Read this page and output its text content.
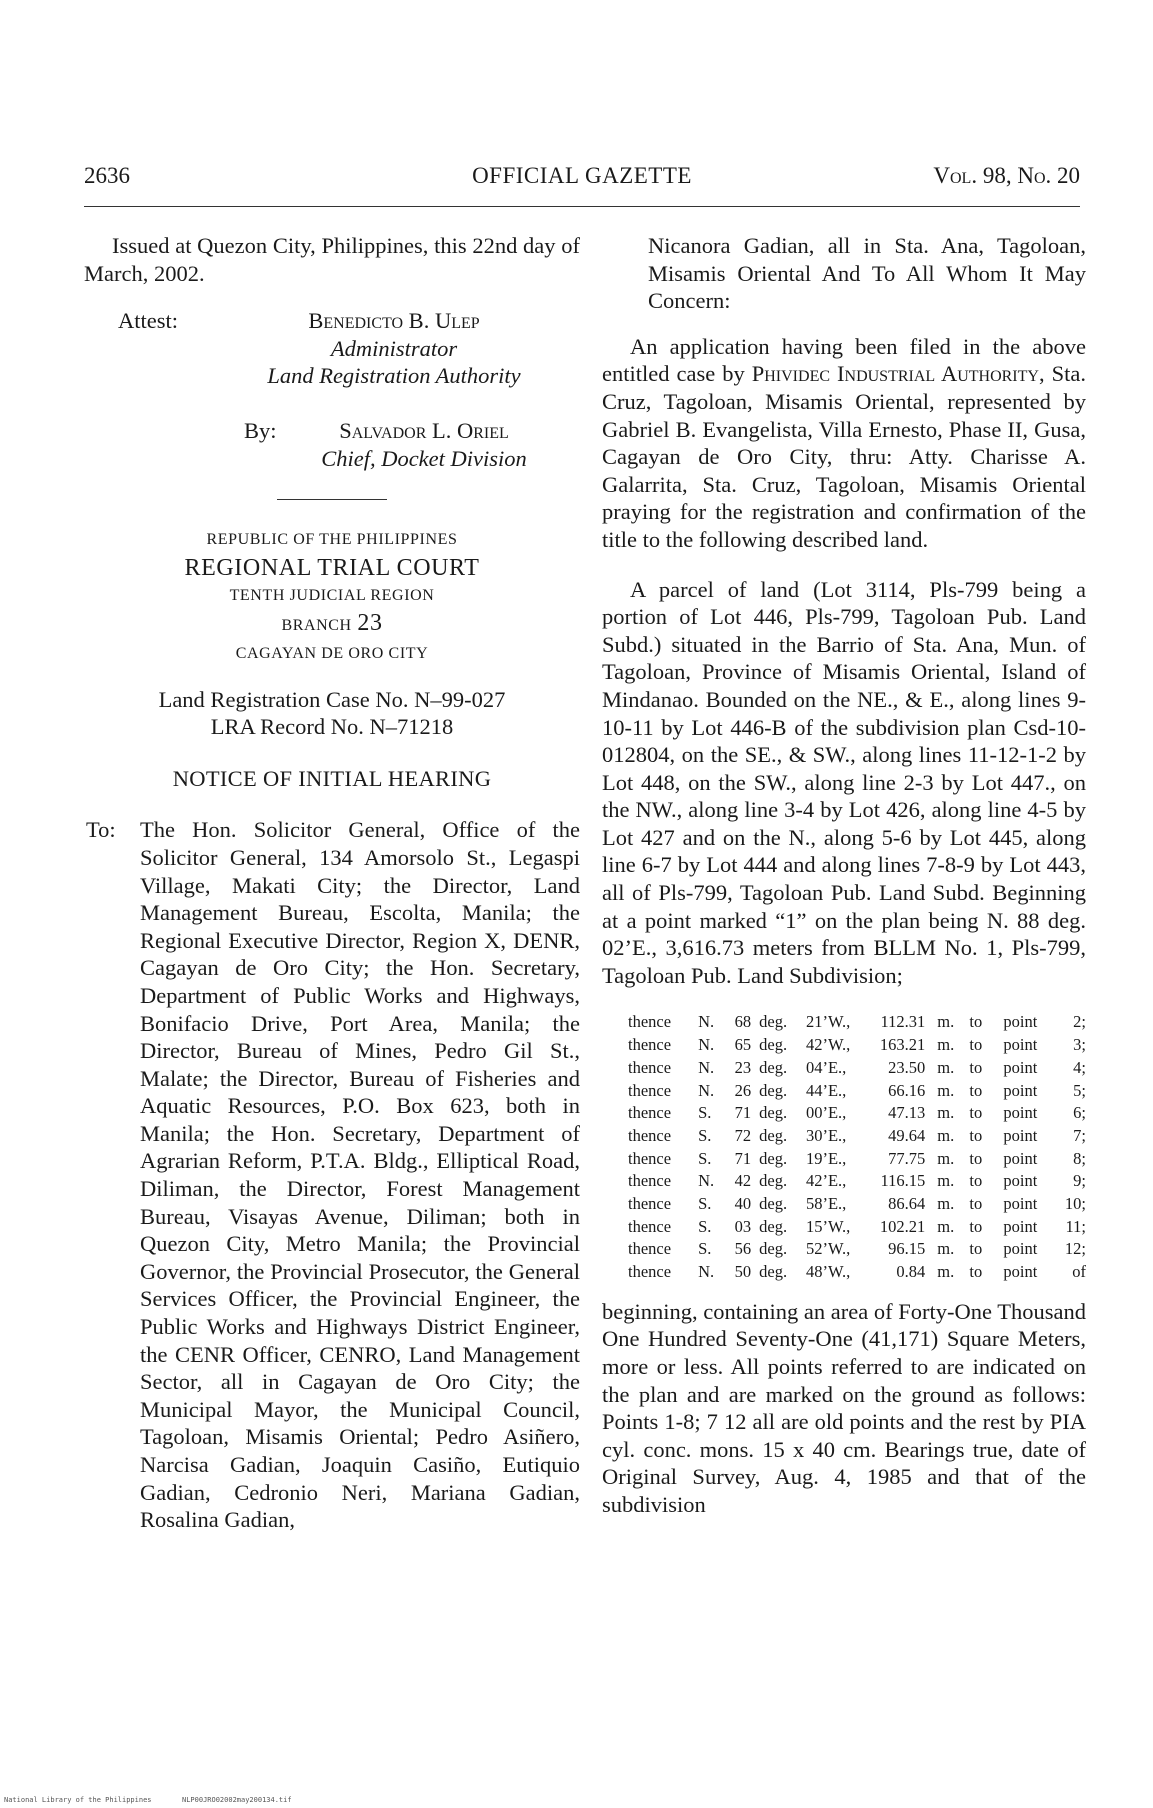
2636	OFFICIAL GAZETTE	Vol. 98, No. 20

Issued at Quezon City, Philippines, this 22nd day of March, 2002.

Attest:	Benedicto B. Ulep
Administrator
Land Registration Authority
By:	Salvador L. Oriel
Chief, Docket Division
REPUBLIC OF THE PHILIPPINES
REGIONAL TRIAL COURT
TENTH JUDICIAL REGION
BRANCH 23
CAGAYAN DE ORO CITY
Land Registration Case No. N–99-027
LRA Record No. N–71218
NOTICE OF INITIAL HEARING
To: The Hon. Solicitor General, Office of the Solicitor General, 134 Amorsolo St., Legaspi Village, Makati City; the Director, Land Management Bureau, Escolta, Manila; the Regional Executive Director, Region X, DENR, Cagayan de Oro City; the Hon. Secretary, Department of Public Works and Highways, Bonifacio Drive, Port Area, Manila; the Director, Bureau of Mines, Pedro Gil St., Malate; the Director, Bureau of Fisheries and Aquatic Resources, P.O. Box 623, both in Manila; the Hon. Secretary, Department of Agrarian Reform, P.T.A. Bldg., Elliptical Road, Diliman, the Director, Forest Management Bureau, Visayas Avenue, Diliman; both in Quezon City, Metro Manila; the Provincial Governor, the Provincial Prosecutor, the General Services Officer, the Provincial Engineer, the Public Works and Highways District Engineer, the CENR Officer, CENRO, Land Management Sector, all in Cagayan de Oro City; the Municipal Mayor, the Municipal Council, Tagoloan, Misamis Oriental; Pedro Asiñero, Narcisa Gadian, Joaquin Casiño, Eutiquio Gadian, Cedronio Neri, Mariana Gadian, Rosalina Gadian,

Nicanora Gadian, all in Sta. Ana, Tagoloan, Misamis Oriental And To All Whom It May Concern:

An application having been filed in the above entitled case by Phividec Industrial Authority, Sta. Cruz, Tagoloan, Misamis Oriental, represented by Gabriel B. Evangelista, Villa Ernesto, Phase II, Gusa, Cagayan de Oro City, thru: Atty. Charisse A. Galarrita, Sta. Cruz, Tagoloan, Misamis Oriental praying for the registration and confirmation of the title to the following described land.

A parcel of land (Lot 3114, Pls-799 being a portion of Lot 446, Pls-799, Tagoloan Pub. Land Subd.) situated in the Barrio of Sta. Ana, Mun. of Tagoloan, Province of Misamis Oriental, Island of Mindanao. Bounded on the NE., & E., along lines 9-10-11 by Lot 446-B of the subdivision plan Csd-10-012804, on the SE., & SW., along lines 11-12-1-2 by Lot 448, on the SW., along line 2-3 by Lot 447., on the NW., along line 3-4 by Lot 426, along line 4-5 by Lot 427 and on the N., along 5-6 by Lot 445, along line 6-7 by Lot 444 and along lines 7-8-9 by Lot 443, all of Pls-799, Tagoloan Pub. Land Subd. Beginning at a point marked “1” on the plan being N. 88 deg. 02’E., 3,616.73 meters from BLLM No. 1, Pls-799, Tagoloan Pub. Land Subdivision;

thence	N.	68	deg.	21’W.,	112.31	m.	to	point	2;
thence	N.	65	deg.	42’W.,	163.21	m.	to	point	3;
thence	N.	23	deg.	04’E.,	23.50	m.	to	point	4;
thence	N.	26	deg.	44’E.,	66.16	m.	to	point	5;
thence	S.	71	deg.	00’E.,	47.13	m.	to	point	6;
thence	S.	72	deg.	30’E.,	49.64	m.	to	point	7;
thence	S.	71	deg.	19’E.,	77.75	m.	to	point	8;
thence	N.	42	deg.	42’E.,	116.15	m.	to	point	9;
thence	S.	40	deg.	58’E.,	86.64	m.	to	point	10;
thence	S.	03	deg.	15’W.,	102.21	m.	to	point	11;
thence	S.	56	deg.	52’W.,	96.15	m.	to	point	12;
thence	N.	50	deg.	48’W.,	0.84	m.	to	point	of

beginning, containing an area of Forty-One Thousand One Hundred Seventy-One (41,171) Square Meters, more or less. All points referred to are indicated on the plan and are marked on the ground as follows: Points 1-8; 7 12 all are old points and the rest by PIA cyl. conc. mons. 15 x 40 cm. Bearings true, date of Original Survey, Aug. 4, 1985 and that of the subdivision

National Library of the Philippines	NLP00JRO02002may200134.tif
